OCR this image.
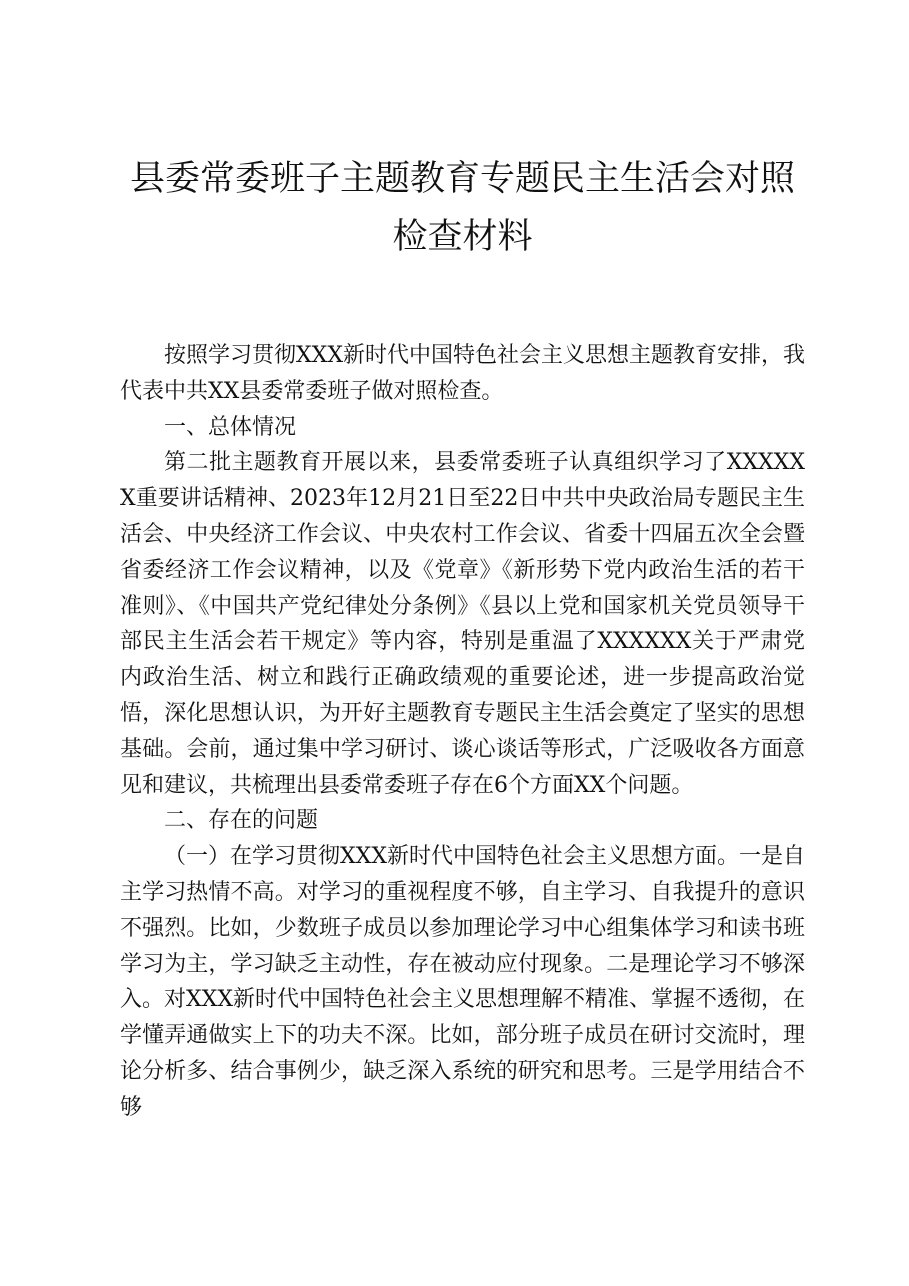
县委常委班子主题教育专题民主生活会对照检查材料

按照学习贯彻XXX新时代中国特色社会主义思想主题教育安排，我代表中共XX县委常委班子做对照检查。

一、总体情况

第二批主题教育开展以来，县委常委班子认真组织学习了XXXXXX重要讲话精神、2023年12月21日至22日中共中央政治局专题民主生活会、中央经济工作会议、中央农村工作会议、省委十四届五次全会暨省委经济工作会议精神，以及《党章》《新形势下党内政治生活的若干准则》、《中国共产党纪律处分条例》《县以上党和国家机关党员领导干部民主生活会若干规定》等内容，特别是重温了XXXXXX关于严肃党内政治生活、树立和践行正确政绩观的重要论述，进一步提高政治觉悟，深化思想认识，为开好主题教育专题民主生活会奠定了坚实的思想基础。会前，通过集中学习研讨、谈心谈话等形式，广泛吸收各方面意见和建议，共梳理出县委常委班子存在6个方面XX个问题。

二、存在的问题

（一）在学习贯彻XXX新时代中国特色社会主义思想方面。一是自主学习热情不高。对学习的重视程度不够，自主学习、自我提升的意识不强烈。比如，少数班子成员以参加理论学习中心组集体学习和读书班学习为主，学习缺乏主动性，存在被动应付现象。二是理论学习不够深入。对XXX新时代中国特色社会主义思想理解不精准、掌握不透彻，在学懂弄通做实上下的功夫不深。比如，部分班子成员在研讨交流时，理论分析多、结合事例少，缺乏深入系统的研究和思考。三是学用结合不够
